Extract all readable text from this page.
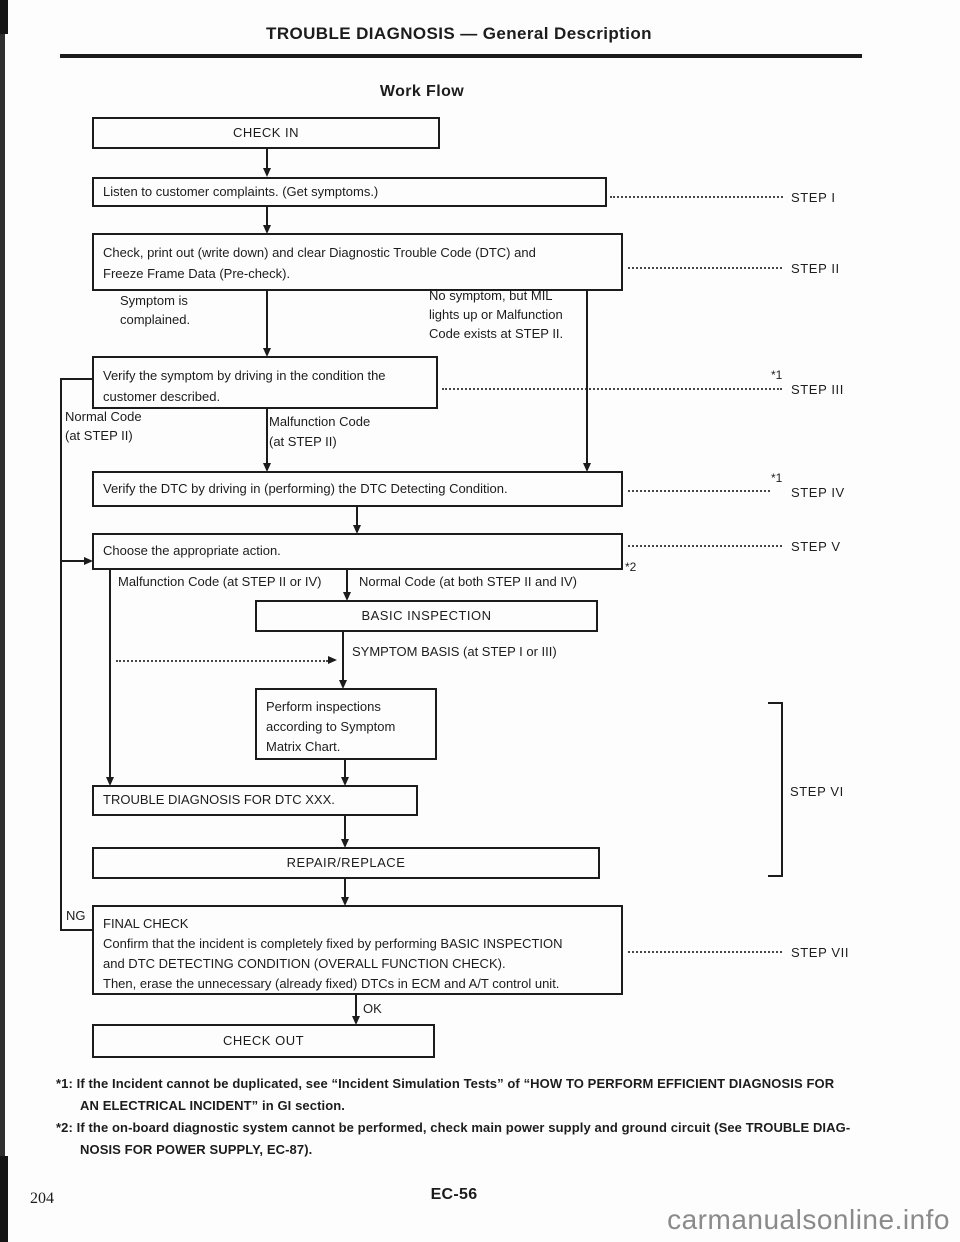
TROUBLE DIAGNOSIS — General Description
Work Flow
CHECK IN
Listen to customer complaints. (Get symptoms.)
Check, print out (write down) and clear Diagnostic Trouble Code (DTC) and
Freeze Frame Data (Pre-check).
Verify the symptom by driving in the condition the
customer described.
Verify the DTC by driving in (performing) the DTC Detecting Condition.
Choose the appropriate action.
BASIC INSPECTION
Perform inspections
according to Symptom
Matrix Chart.
TROUBLE DIAGNOSIS FOR DTC XXX.
REPAIR/REPLACE
FINAL CHECK
Confirm that the incident is completely fixed by performing BASIC INSPECTION
and DTC DETECTING CONDITION (OVERALL FUNCTION CHECK).
Then, erase the unnecessary (already fixed) DTCs in ECM and A/T control unit.
CHECK OUT
Symptom is
complained.
No symptom, but MIL
lights up or Malfunction
Code exists at STEP II.
Normal Code
(at STEP II)
Malfunction Code
(at STEP II)
Malfunction Code (at STEP II or IV)	Normal Code (at both STEP II and IV)
SYMPTOM BASIS (at STEP I or III)
NG
OK
STEP I
STEP II
STEP III
STEP IV
STEP V
STEP VI
STEP VII
*1
*1
*2
*1: If the Incident cannot be duplicated, see “Incident Simulation Tests” of “HOW TO PERFORM EFFICIENT DIAGNOSIS FOR
AN ELECTRICAL INCIDENT” in GI section.
*2: If the on-board diagnostic system cannot be performed, check main power supply and ground circuit (See TROUBLE DIAG-
NOSIS FOR POWER SUPPLY, EC-87).
204	EC-56
carmanualsonline.info
